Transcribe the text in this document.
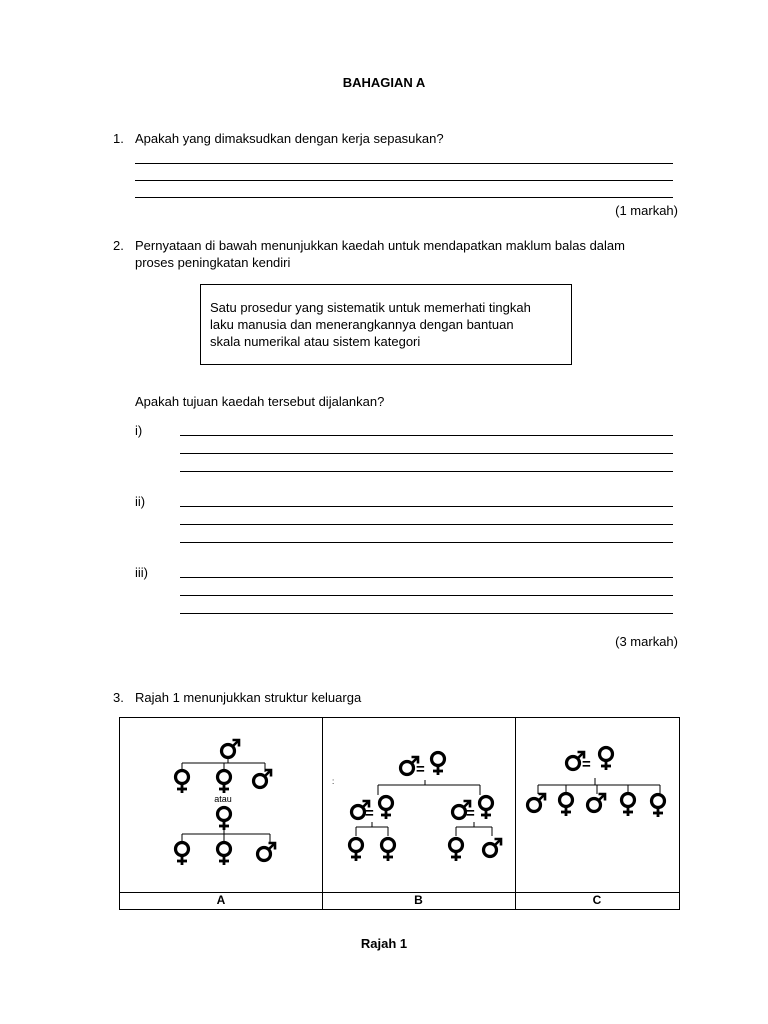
BAHAGIAN A
1. Apakah yang dimaksudkan dengan kerja sepasukan?
(1 markah)
2. Pernyataan di bawah menunjukkan kaedah untuk mendapatkan maklum balas dalam
proses peningkatan kendiri
Satu prosedur yang sistematik untuk memerhati tingkah
laku manusia dan menerangkannya dengan bantuan
skala numerikal atau sistem kategori
Apakah tujuan kaedah tersebut dijalankan?
i)
ii)
iii)
(3 markah)
3. Rajah 1 menunjukkan struktur keluarga
A	B	C
atau
:
=
=	=
=
Rajah 1
